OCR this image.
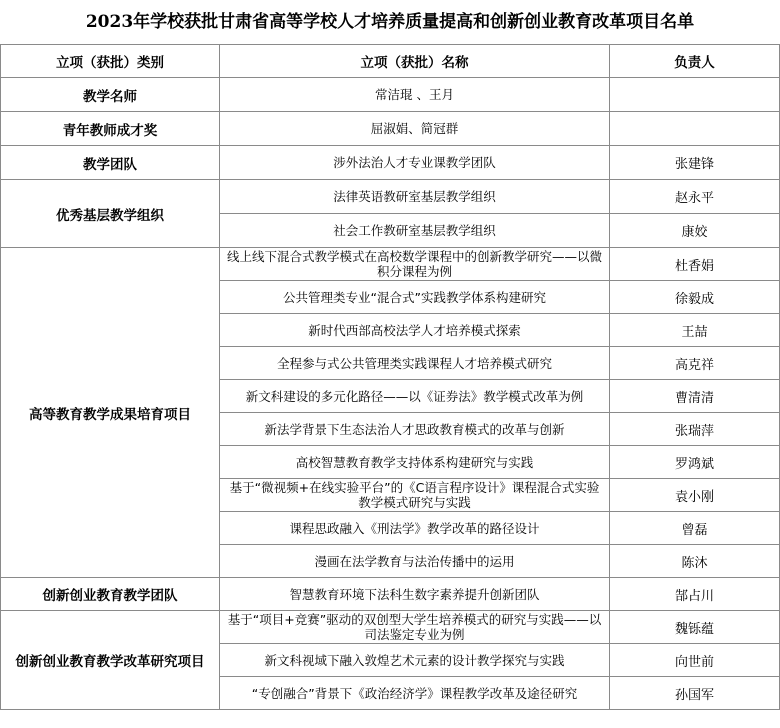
2023年学校获批甘肃省高等学校人才培养质量提高和创新创业教育改革项目名单
立项（获批）类别	立项（获批）名称	负责人
教学名师	常洁琨 、王月	
青年教师成才奖	屈淑娟、简冠群	
教学团队	涉外法治人才专业课教学团队	张建锋
优秀基层教学组织	法律英语教研室基层教学组织	赵永平
	社会工作教研室基层教学组织	康姣
高等教育教学成果培育项目	线上线下混合式教学模式在高校数学课程中的创新教学研究——以微积分课程为例	杜香娟
	公共管理类专业“混合式”实践教学体系构建研究	徐毅成
	新时代西部高校法学人才培养模式探索	王喆
	全程参与式公共管理类实践课程人才培养模式研究	高克祥
	新文科建设的多元化路径——以《证券法》教学模式改革为例	曹清清
	新法学背景下生态法治人才思政教育模式的改革与创新	张瑞萍
	高校智慧教育教学支持体系构建研究与实践	罗鸿斌
	基于“微视频+在线实验平台”的《C语言程序设计》课程混合式实验教学模式研究与实践	袁小刚
	课程思政融入《刑法学》教学改革的路径设计	曾磊
	漫画在法学教育与法治传播中的运用	陈沐
创新创业教育教学团队	智慧教育环境下法科生数字素养提升创新团队	郜占川
创新创业教育教学改革研究项目	基于“项目+竞赛”驱动的双创型大学生培养模式的研究与实践——以司法鉴定专业为例	魏铄蕴
	新文科视域下融入敦煌艺术元素的设计教学探究与实践	向世前
	“专创融合”背景下《政治经济学》课程教学改革及途径研究	孙国军
